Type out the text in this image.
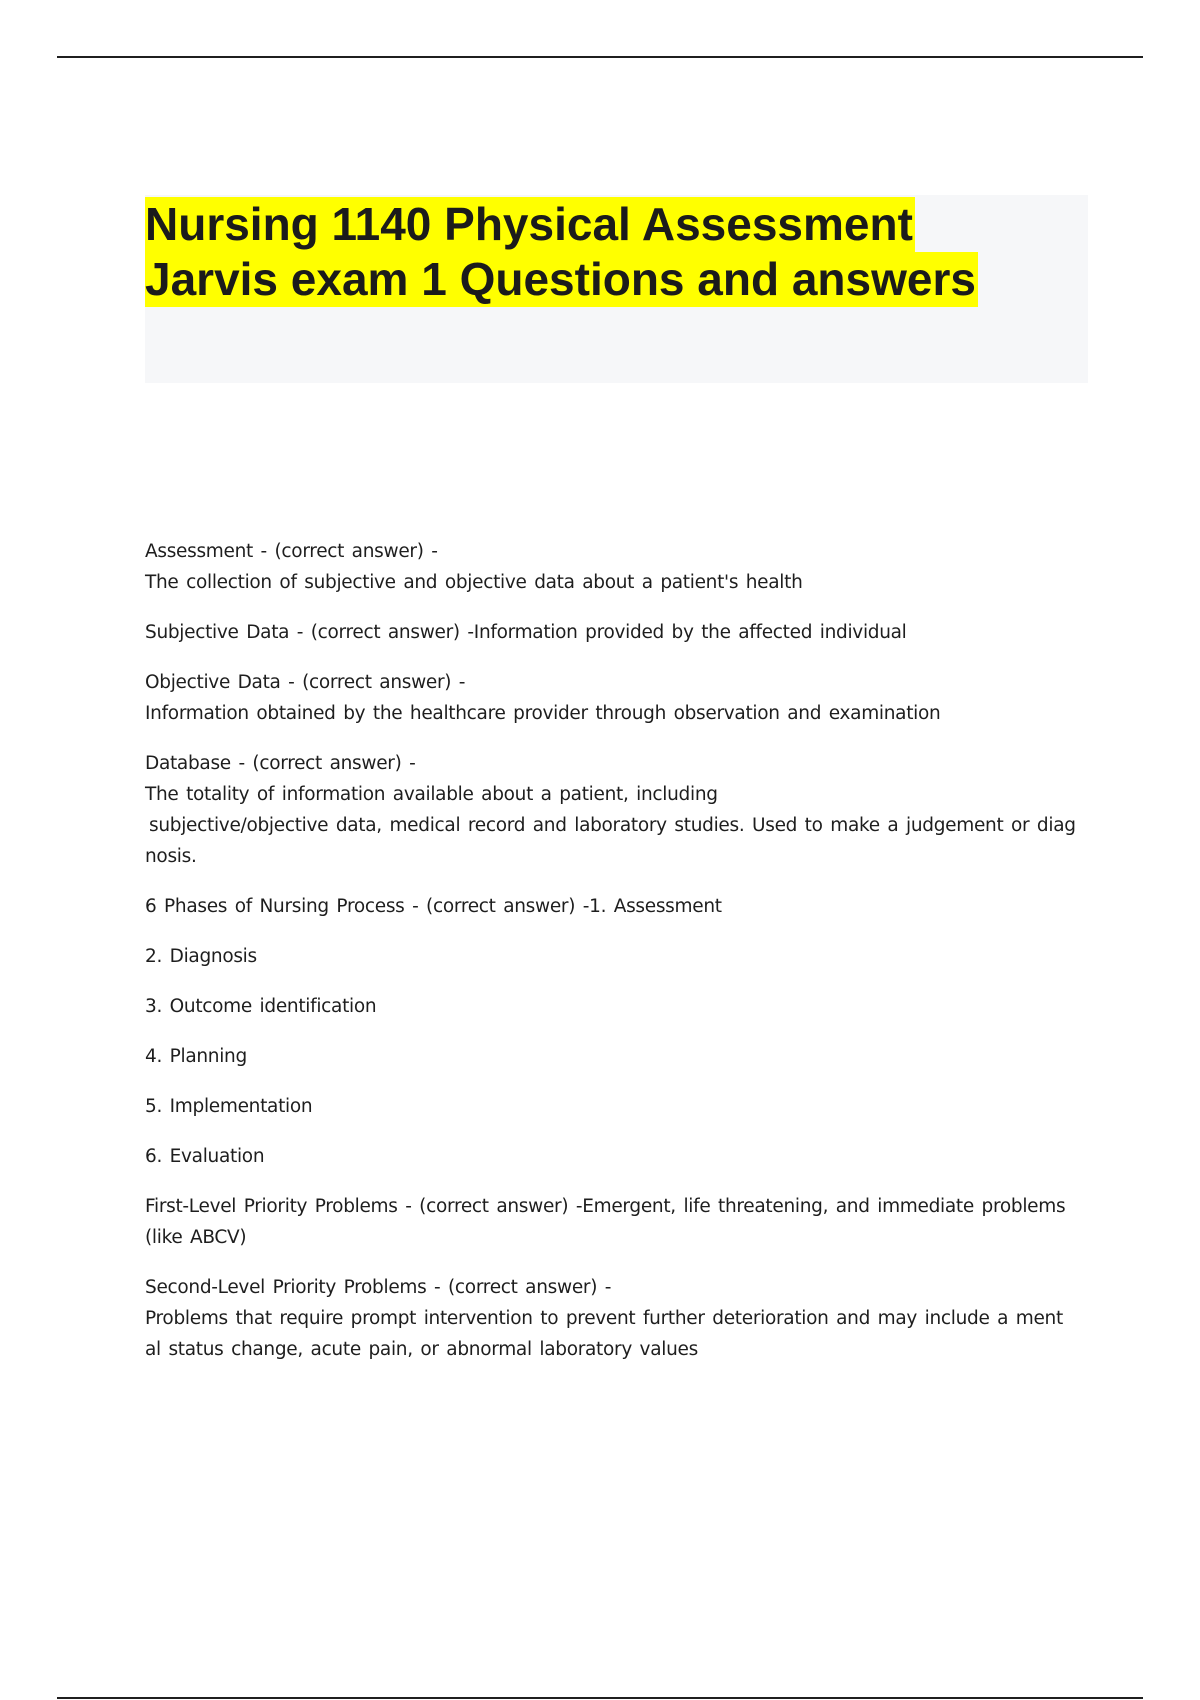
Nursing 1140 Physical Assessment
Jarvis exam 1 Questions and answers

Assessment - (correct answer) -
The collection of subjective and objective data about a patient's health

Subjective Data - (correct answer) -Information provided by the affected individual

Objective Data - (correct answer) -
Information obtained by the healthcare provider through observation and examination

Database - (correct answer) -
The totality of information available about a patient, including
subjective/objective data, medical record and laboratory studies. Used to make a judgement or diag
nosis.

6 Phases of Nursing Process - (correct answer) -1. Assessment

2. Diagnosis

3. Outcome identification

4. Planning

5. Implementation

6. Evaluation

First-Level Priority Problems - (correct answer) -Emergent, life threatening, and immediate problems
(like ABCV)

Second-Level Priority Problems - (correct answer) -
Problems that require prompt intervention to prevent further deterioration and may include a ment
al status change, acute pain, or abnormal laboratory values
